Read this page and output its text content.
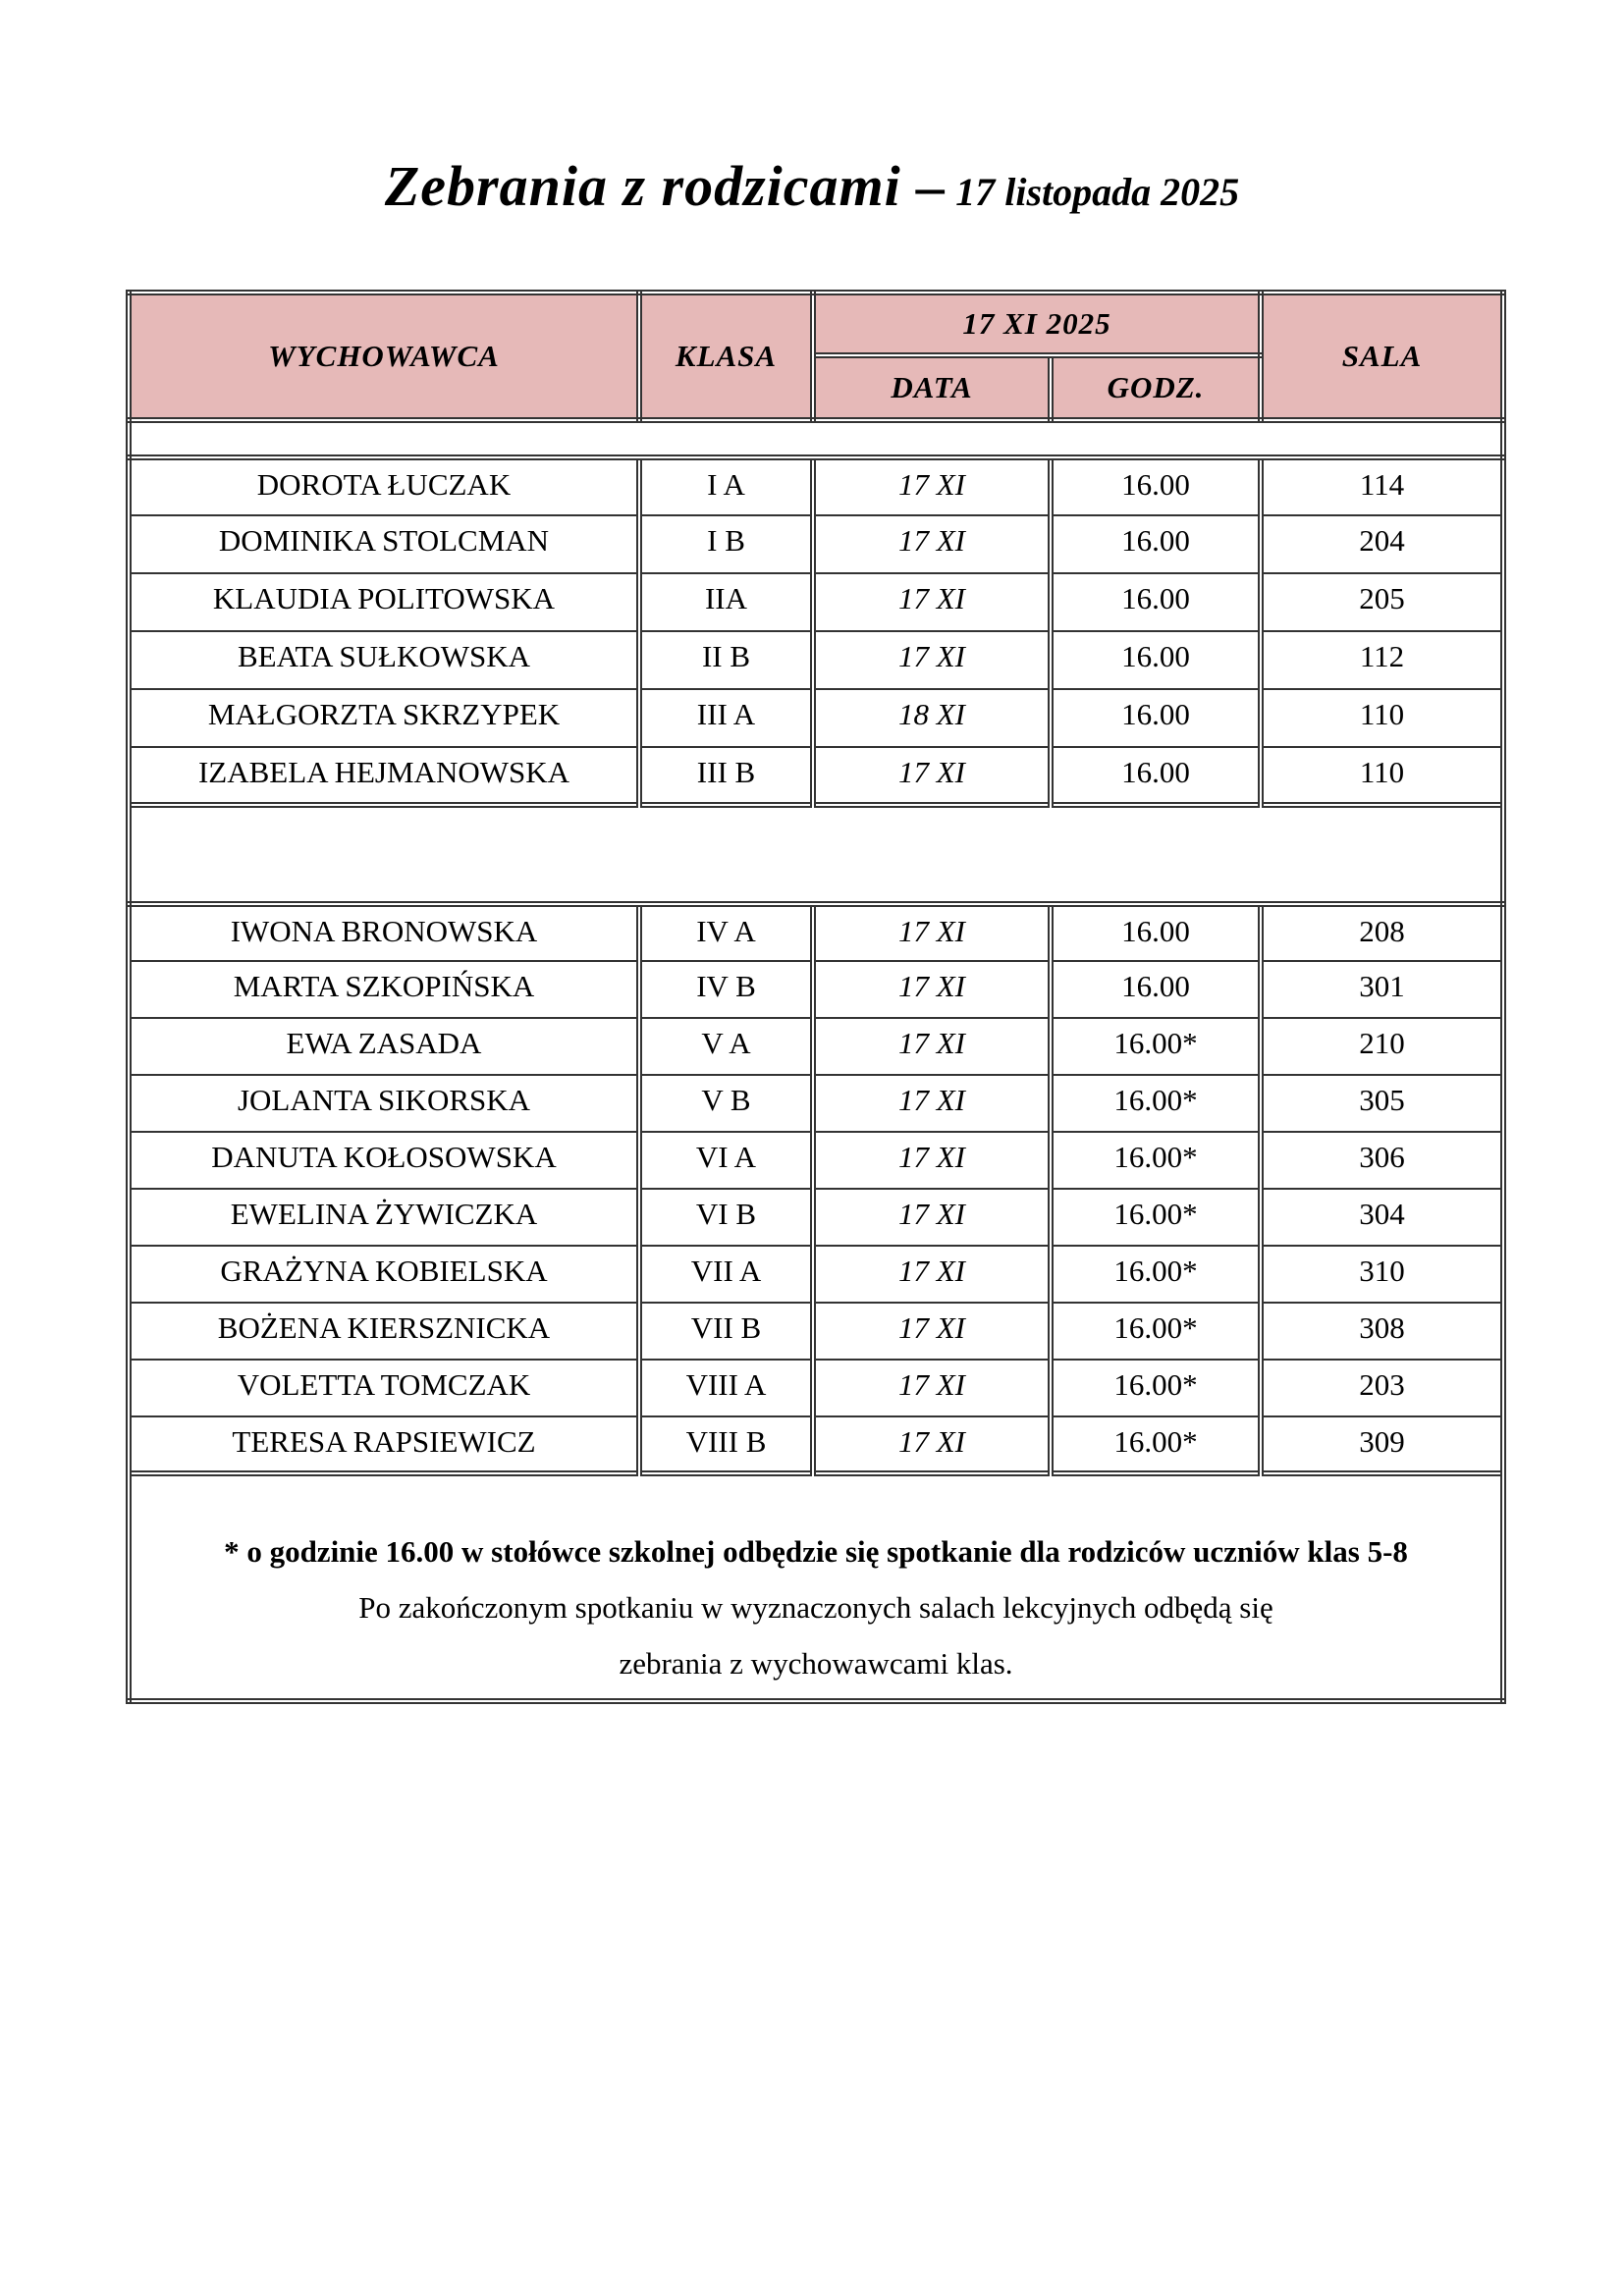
Zebrania z rodzicami – 17 listopada 2025
WYCHOWAWCA	KLASA	17 XI 2025		SALA
		DATA	GODZ.	

DOROTA ŁUCZAK	I A	17 XI	16.00	114
DOMINIKA STOLCMAN	I B	17 XI	16.00	204
KLAUDIA POLITOWSKA	IIA	17 XI	16.00	205
BEATA SUŁKOWSKA	II B	17 XI	16.00	112
MAŁGORZTA SKRZYPEK	III A	18 XI	16.00	110
IZABELA HEJMANOWSKA	III B	17 XI	16.00	110

IWONA BRONOWSKA	IV A	17 XI	16.00	208
MARTA SZKOPIŃSKA	IV B	17 XI	16.00	301
EWA ZASADA	V A	17 XI	16.00*	210
JOLANTA SIKORSKA	V B	17 XI	16.00*	305
DANUTA KOŁOSOWSKA	VI A	17 XI	16.00*	306
EWELINA ŻYWICZKA	VI B	17 XI	16.00*	304
GRAŻYNA KOBIELSKA	VII A	17 XI	16.00*	310
BOŻENA KIERSZNICKA	VII B	17 XI	16.00*	308
VOLETTA TOMCZAK	VIII A	17 XI	16.00*	203
TERESA RAPSIEWICZ	VIII B	17 XI	16.00*	309

* o godzinie 16.00 w stołówce szkolnej odbędzie się spotkanie dla rodziców uczniów klas 5-8

Po zakończonym spotkaniu w wyznaczonych salach lekcyjnych odbędą się

zebrania z wychowawcami klas.				
